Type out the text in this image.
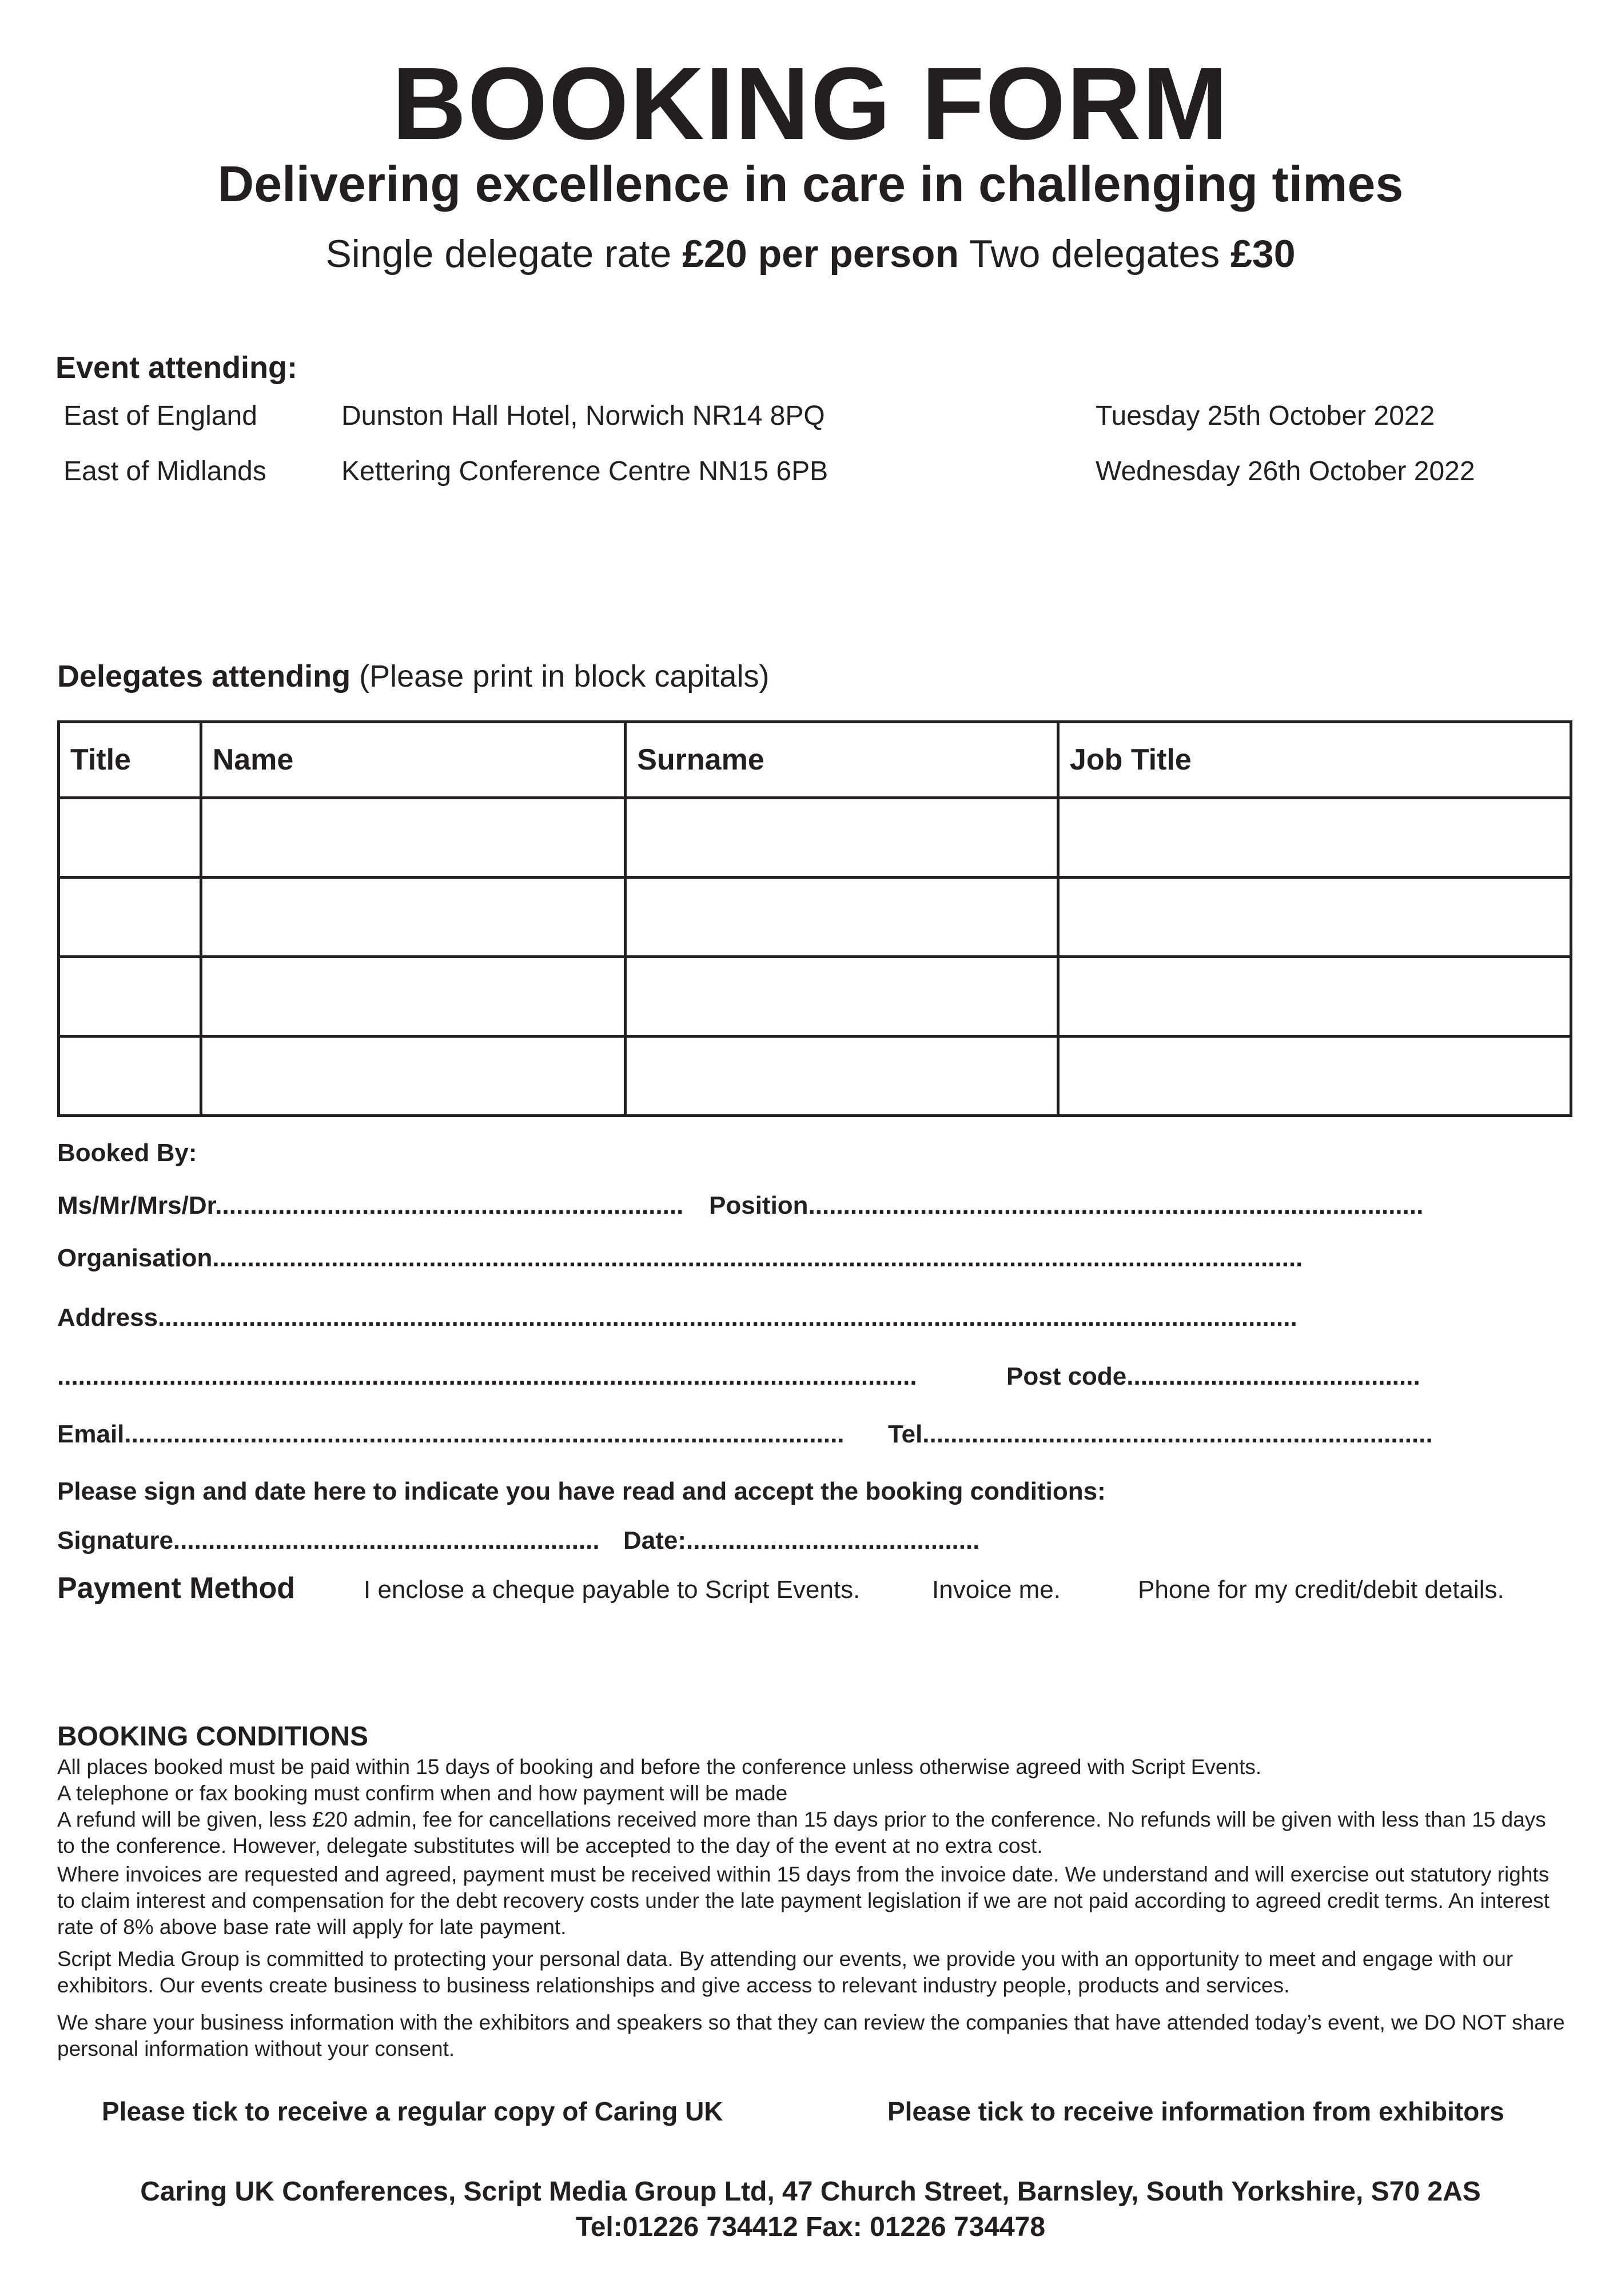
BOOKING FORM
Delivering excellence in care in challenging times
Single delegate rate £20 per person Two delegates £30
Event attending:
East of England	Dunston Hall Hotel, Norwich NR14 8PQ	Tuesday 25th October 2022
East of Midlands	Kettering Conference Centre NN15 6PB	Wednesday 26th October 2022
Delegates attending (Please print in block capitals)
Title	Name	Surname	Job Title

Booked By:
Ms/Mr/Mrs/Dr................................................................... Position........................................................................................
Organisation............................................................................................................................................................
Address...................................................................................................................................................................
...........................................................................................................................	Post code..........................................
Email....................................................................................................... Tel.........................................................................
Please sign and date here to indicate you have read and accept the booking conditions:
Signature............................................................. Date:..........................................
Payment Method	I enclose a cheque payable to Script Events.	Invoice me.	Phone for my credit/debit details.
BOOKING CONDITIONS
All places booked must be paid within 15 days of booking and before the conference unless otherwise agreed with Script Events.
A telephone or fax booking must confirm when and how payment will be made
A refund will be given, less £20 admin, fee for cancellations received more than 15 days prior to the conference. No refunds will be given with less than 15 days to the conference. However, delegate substitutes will be accepted to the day of the event at no extra cost.
Where invoices are requested and agreed, payment must be received within 15 days from the invoice date. We understand and will exercise out statutory rights to claim interest and compensation for the debt recovery costs under the late payment legislation if we are not paid according to agreed credit terms. An interest rate of 8% above base rate will apply for late payment.
Script Media Group is committed to protecting your personal data. By attending our events, we provide you with an opportunity to meet and engage with our exhibitors. Our events create business to business relationships and give access to relevant industry people, products and services.
We share your business information with the exhibitors and speakers so that they can review the companies that have attended today’s event, we DO NOT share personal information without your consent.
Please tick to receive a regular copy of Caring UK	Please tick to receive information from exhibitors
Caring UK Conferences, Script Media Group Ltd, 47 Church Street, Barnsley, South Yorkshire, S70 2AS
Tel:01226 734412 Fax: 01226 734478
